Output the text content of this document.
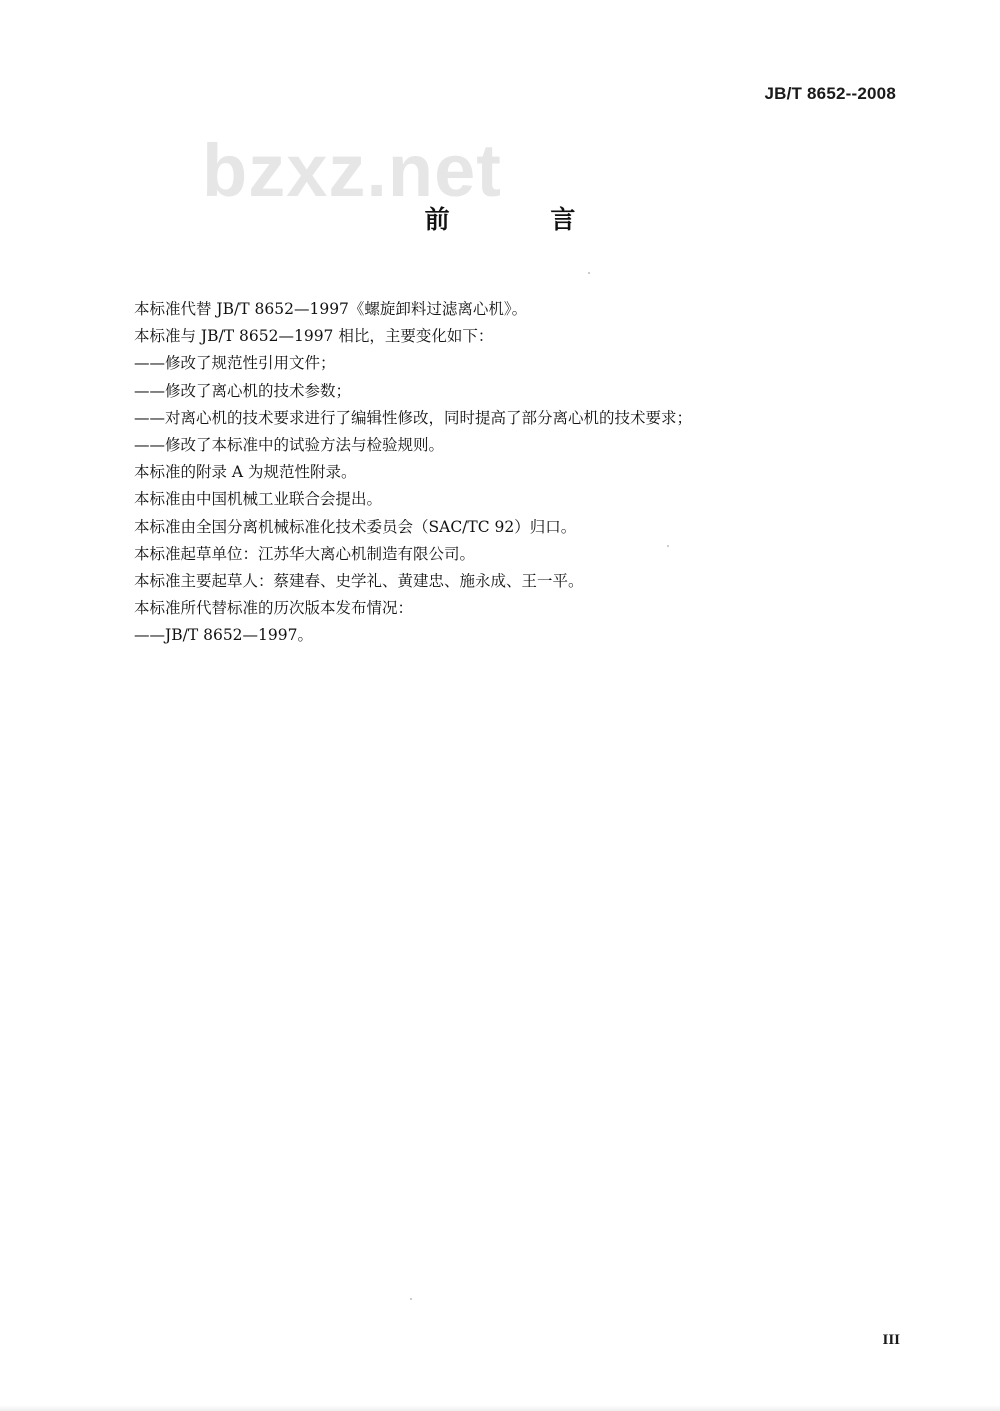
JB/T 8652--2008
bzxz.net
前 言
本标准代替 JB/T 8652—1997《螺旋卸料过滤离心机》。
本标准与 JB/T 8652—1997 相比，主要变化如下：
——修改了规范性引用文件；
——修改了离心机的技术参数；
——对离心机的技术要求进行了编辑性修改，同时提高了部分离心机的技术要求；
——修改了本标准中的试验方法与检验规则。
本标准的附录 A 为规范性附录。
本标准由中国机械工业联合会提出。
本标准由全国分离机械标准化技术委员会（SAC/TC 92）归口。
本标准起草单位：江苏华大离心机制造有限公司。
本标准主要起草人：蔡建春、史学礼、黄建忠、施永成、王一平。
本标准所代替标准的历次版本发布情况：
——JB/T 8652—1997。
III
